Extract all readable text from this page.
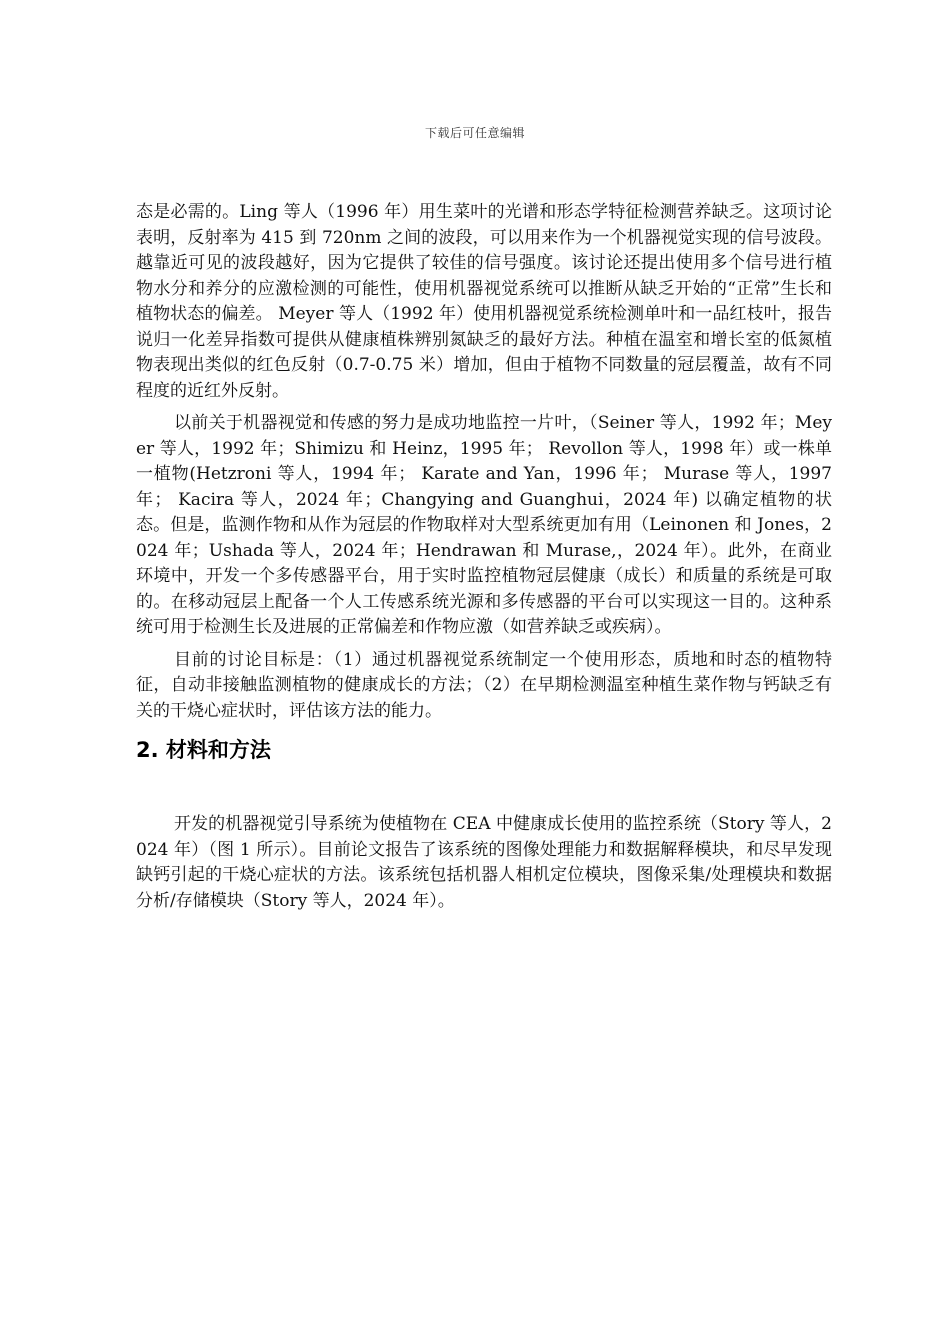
下载后可任意编辑

态是必需的。Ling 等人（1996 年）用生菜叶的光谱和形态学特征检测营养缺乏。这项讨论表明，反射率为 415 到 720nm 之间的波段，可以用来作为一个机器视觉实现的信号波段。 越靠近可见的波段越好，因为它提供了较佳的信号强度。该讨论还提出使用多个信号进行植物水分和养分的应激检测的可能性，使用机器视觉系统可以推断从缺乏开始的“正常”生长和植物状态的偏差。 Meyer 等人（1992 年）使用机器视觉系统检测单叶和一品红枝叶，报告说归一化差异指数可提供从健康植株辨别氮缺乏的最好方法。种植在温室和增长室的低氮植物表现出类似的红色反射（0.7-0.75 米）增加，但由于植物不同数量的冠层覆盖，故有不同程度的近红外反射。

以前关于机器视觉和传感的努力是成功地监控一片叶，（Seiner 等人，1992 年；Meyer 等人，1992 年；Shimizu 和 Heinz，1995 年； Revollon 等人，1998 年）或一株单一植物(Hetzroni 等人，1994 年； Karate and Yan，1996 年； Murase 等人，1997 年； Kacira 等人，2024 年；Changying and Guanghui，2024 年) 以确定植物的状态。但是，监测作物和从作为冠层的作物取样对大型系统更加有用（Leinonen 和 Jones，2024 年；Ushada 等人，2024 年；Hendrawan 和 Murase,，2024 年）。此外，在商业环境中，开发一个多传感器平台，用于实时监控植物冠层健康（成长）和质量的系统是可取的。在移动冠层上配备一个人工传感系统光源和多传感器的平台可以实现这一目的。这种系统可用于检测生长及进展的正常偏差和作物应激（如营养缺乏或疾病）。

目前的讨论目标是：（1）通过机器视觉系统制定一个使用形态，质地和时态的植物特征，自动非接触监测植物的健康成长的方法；（2）在早期检测温室种植生菜作物与钙缺乏有关的干烧心症状时，评估该方法的能力。

2. 材料和方法

开发的机器视觉引导系统为使植物在 CEA 中健康成长使用的监控系统（Story 等人，2024 年）（图 1 所示）。目前论文报告了该系统的图像处理能力和数据解释模块，和尽早发现缺钙引起的干烧心症状的方法。该系统包括机器人相机定位模块，图像采集/处理模块和数据分析/存储模块（Story 等人，2024 年）。
